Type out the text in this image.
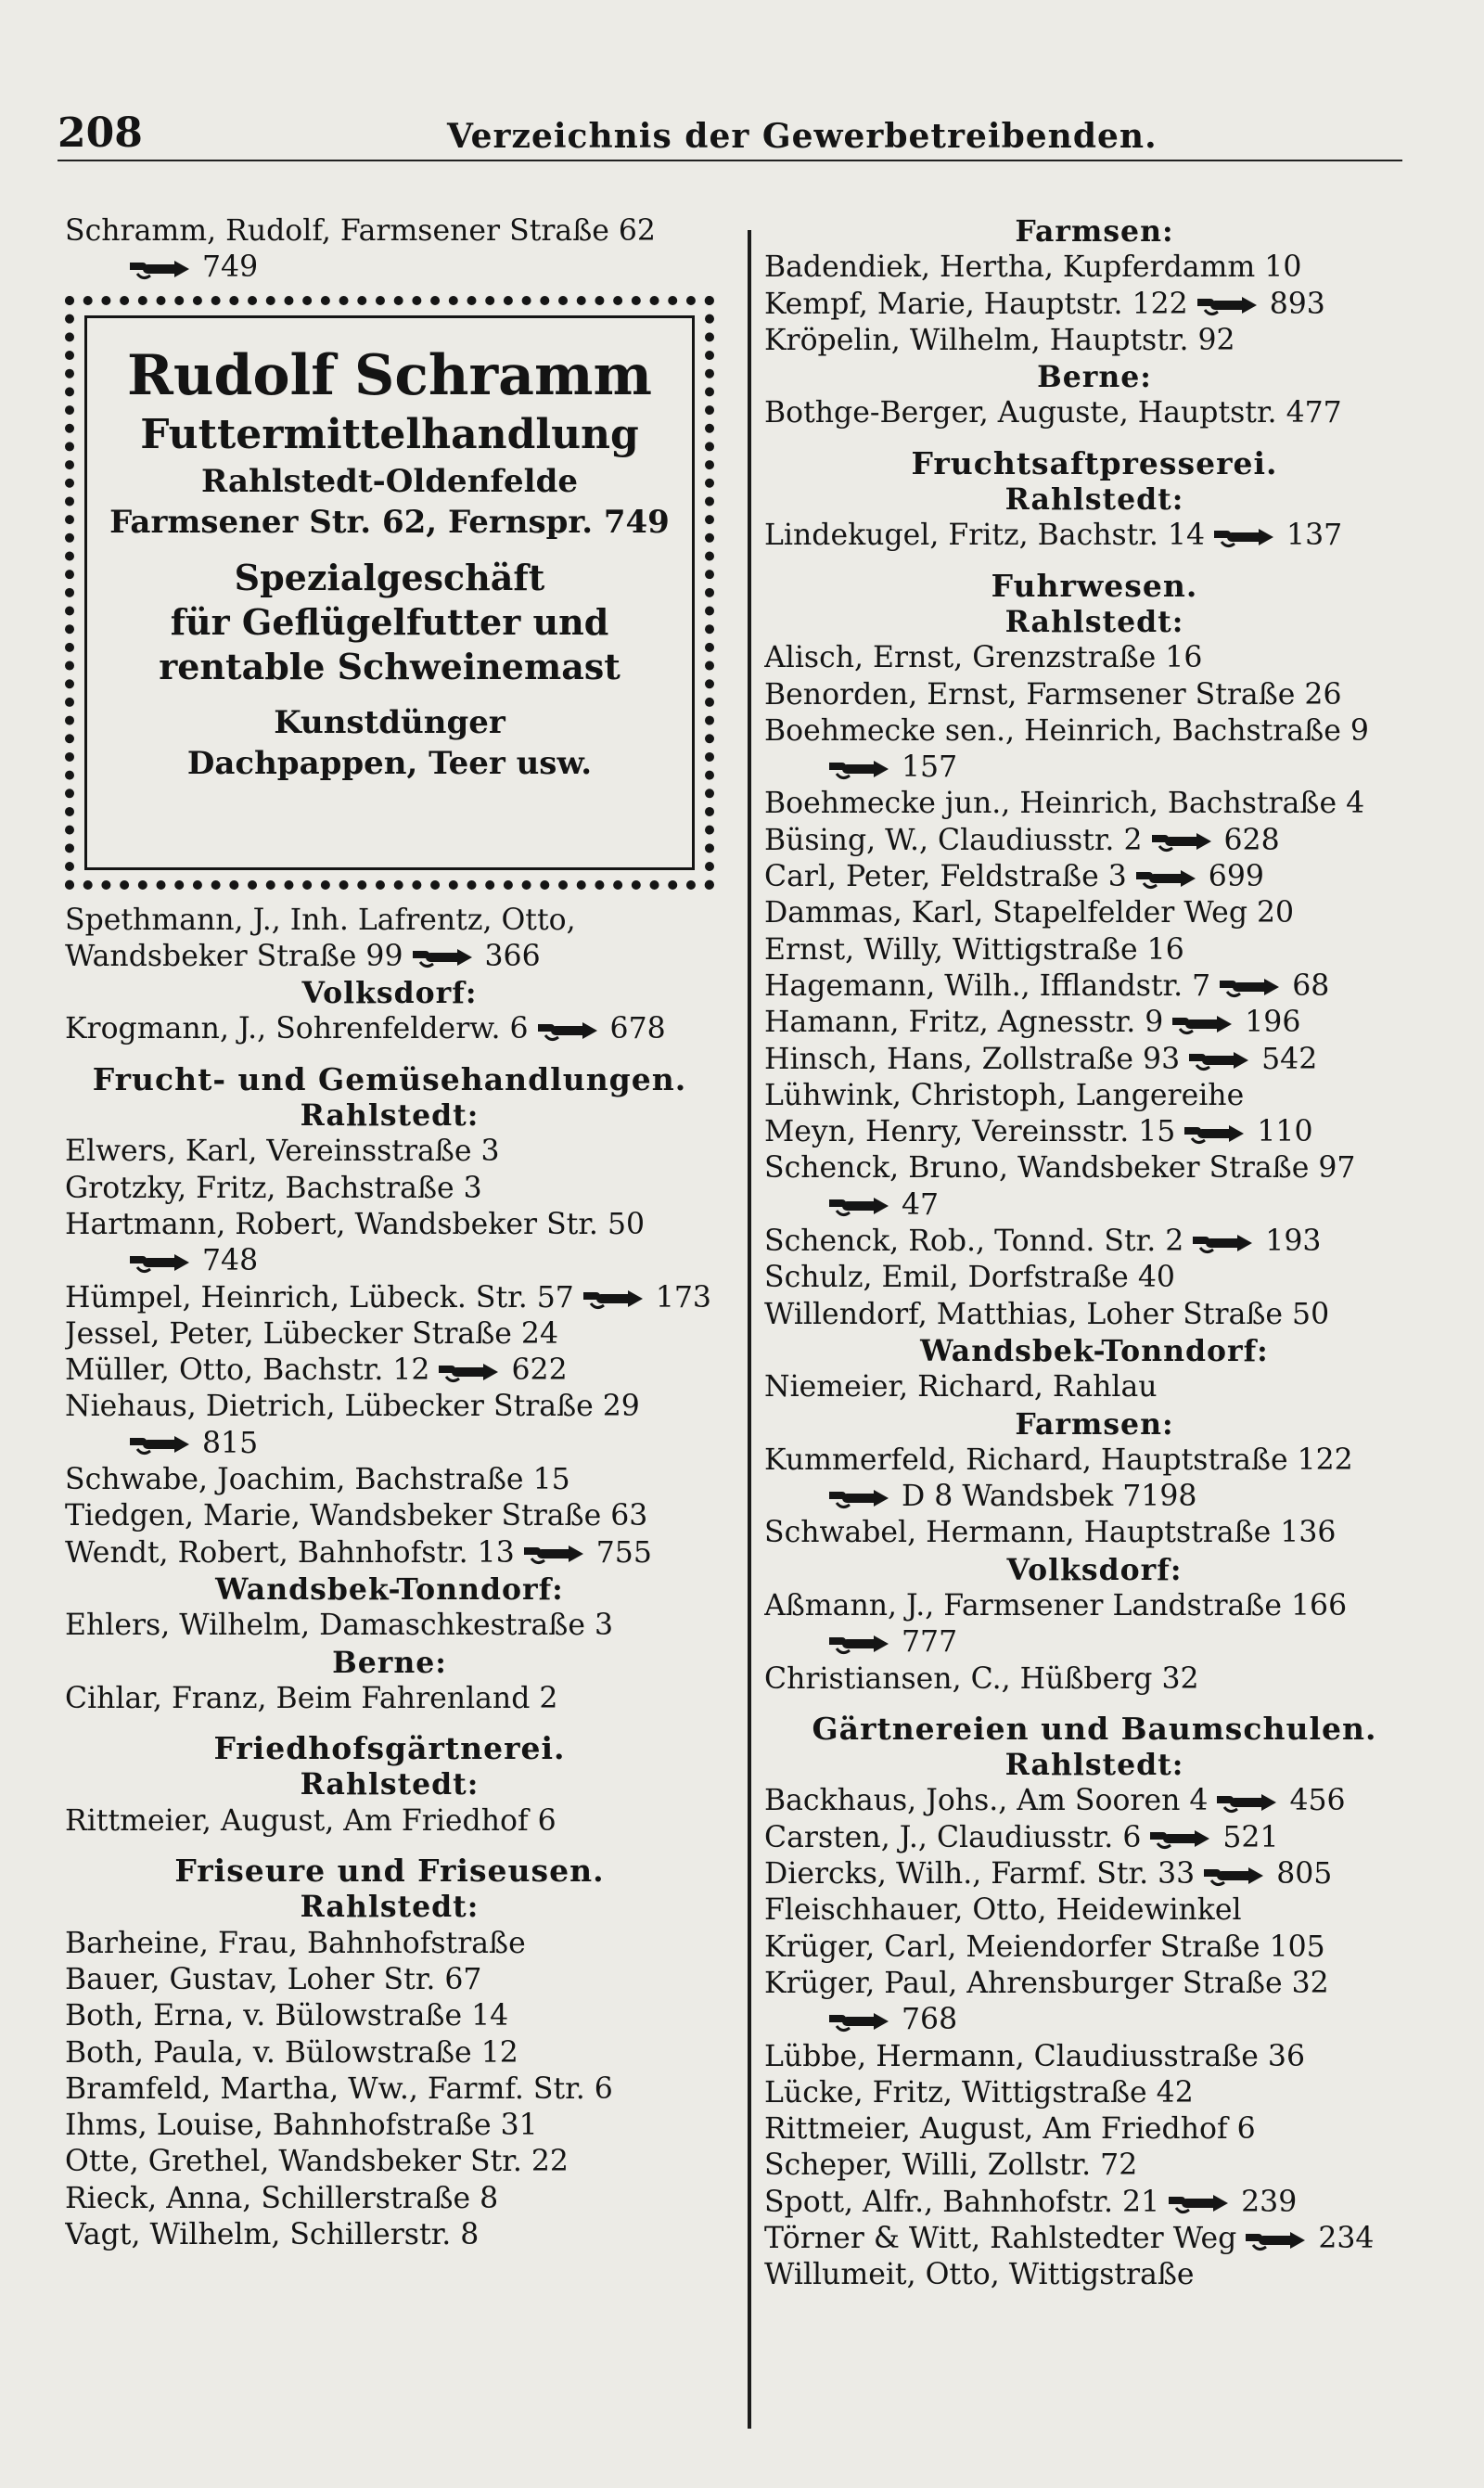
208	Verzeichnis der Gewerbetreibenden.
Schramm, Rudolf, Farmsener Straße 62
749
Rudolf Schramm
Futtermittelhandlung
Rahlstedt-Oldenfelde
Farmsener Str. 62, Fernspr. 749
Spezialgeschäft
für Geflügelfutter und
rentable Schweinemast
Kunstdünger
Dachpappen, Teer usw.
Spethmann, J., Inh. Lafrentz, Otto,
Wandsbeker Straße 99	366
Volksdorf:
Krogmann, J., Sohrenfelderw. 6	678
Frucht- und Gemüsehandlungen.
Rahlstedt:
Elwers, Karl, Vereinsstraße 3
Grotzky, Fritz, Bachstraße 3
Hartmann, Robert, Wandsbeker Str. 50
748
Hümpel, Heinrich, Lübeck. Str. 57	173
Jessel, Peter, Lübecker Straße 24
Müller, Otto, Bachstr. 12	622
Niehaus, Dietrich, Lübecker Straße 29
815
Schwabe, Joachim, Bachstraße 15
Tiedgen, Marie, Wandsbeker Straße 63
Wendt, Robert, Bahnhofstr. 13	755
Wandsbek-Tonndorf:
Ehlers, Wilhelm, Damaschkestraße 3
Berne:
Cihlar, Franz, Beim Fahrenland 2
Friedhofsgärtnerei.
Rahlstedt:
Rittmeier, August, Am Friedhof 6
Friseure und Friseusen.
Rahlstedt:
Barheine, Frau, Bahnhofstraße
Bauer, Gustav, Loher Str. 67
Both, Erna, v. Bülowstraße 14
Both, Paula, v. Bülowstraße 12
Bramfeld, Martha, Ww., Farmf. Str. 6
Ihms, Louise, Bahnhofstraße 31
Otte, Grethel, Wandsbeker Str. 22
Rieck, Anna, Schillerstraße 8
Vagt, Wilhelm, Schillerstr. 8
Farmsen:
Badendiek, Hertha, Kupferdamm 10
Kempf, Marie, Hauptstr. 122	893
Kröpelin, Wilhelm, Hauptstr. 92
Berne:
Bothge-Berger, Auguste, Hauptstr. 477
Fruchtsaftpresserei.
Rahlstedt:
Lindekugel, Fritz, Bachstr. 14	137
Fuhrwesen.
Rahlstedt:
Alisch, Ernst, Grenzstraße 16
Benorden, Ernst, Farmsener Straße 26
Boehmecke sen., Heinrich, Bachstraße 9
157
Boehmecke jun., Heinrich, Bachstraße 4
Büsing, W., Claudiusstr. 2	628
Carl, Peter, Feldstraße 3	699
Dammas, Karl, Stapelfelder Weg 20
Ernst, Willy, Wittigstraße 16
Hagemann, Wilh., Ifflandstr. 7	68
Hamann, Fritz, Agnesstr. 9	196
Hinsch, Hans, Zollstraße 93	542
Lühwink, Christoph, Langereihe
Meyn, Henry, Vereinsstr. 15	110
Schenck, Bruno, Wandsbeker Straße 97
47
Schenck, Rob., Tonnd. Str. 2	193
Schulz, Emil, Dorfstraße 40
Willendorf, Matthias, Loher Straße 50
Wandsbek-Tonndorf:
Niemeier, Richard, Rahlau
Farmsen:
Kummerfeld, Richard, Hauptstraße 122
D 8 Wandsbek 7198
Schwabel, Hermann, Hauptstraße 136
Volksdorf:
Aßmann, J., Farmsener Landstraße 166
777
Christiansen, C., Hüßberg 32
Gärtnereien und Baumschulen.
Rahlstedt:
Backhaus, Johs., Am Sooren 4	456
Carsten, J., Claudiusstr. 6	521
Diercks, Wilh., Farmf. Str. 33	805
Fleischhauer, Otto, Heidewinkel
Krüger, Carl, Meiendorfer Straße 105
Krüger, Paul, Ahrensburger Straße 32
768
Lübbe, Hermann, Claudiusstraße 36
Lücke, Fritz, Wittigstraße 42
Rittmeier, August, Am Friedhof 6
Scheper, Willi, Zollstr. 72
Spott, Alfr., Bahnhofstr. 21	239
Törner & Witt, Rahlstedter Weg	234
Willumeit, Otto, Wittigstraße
